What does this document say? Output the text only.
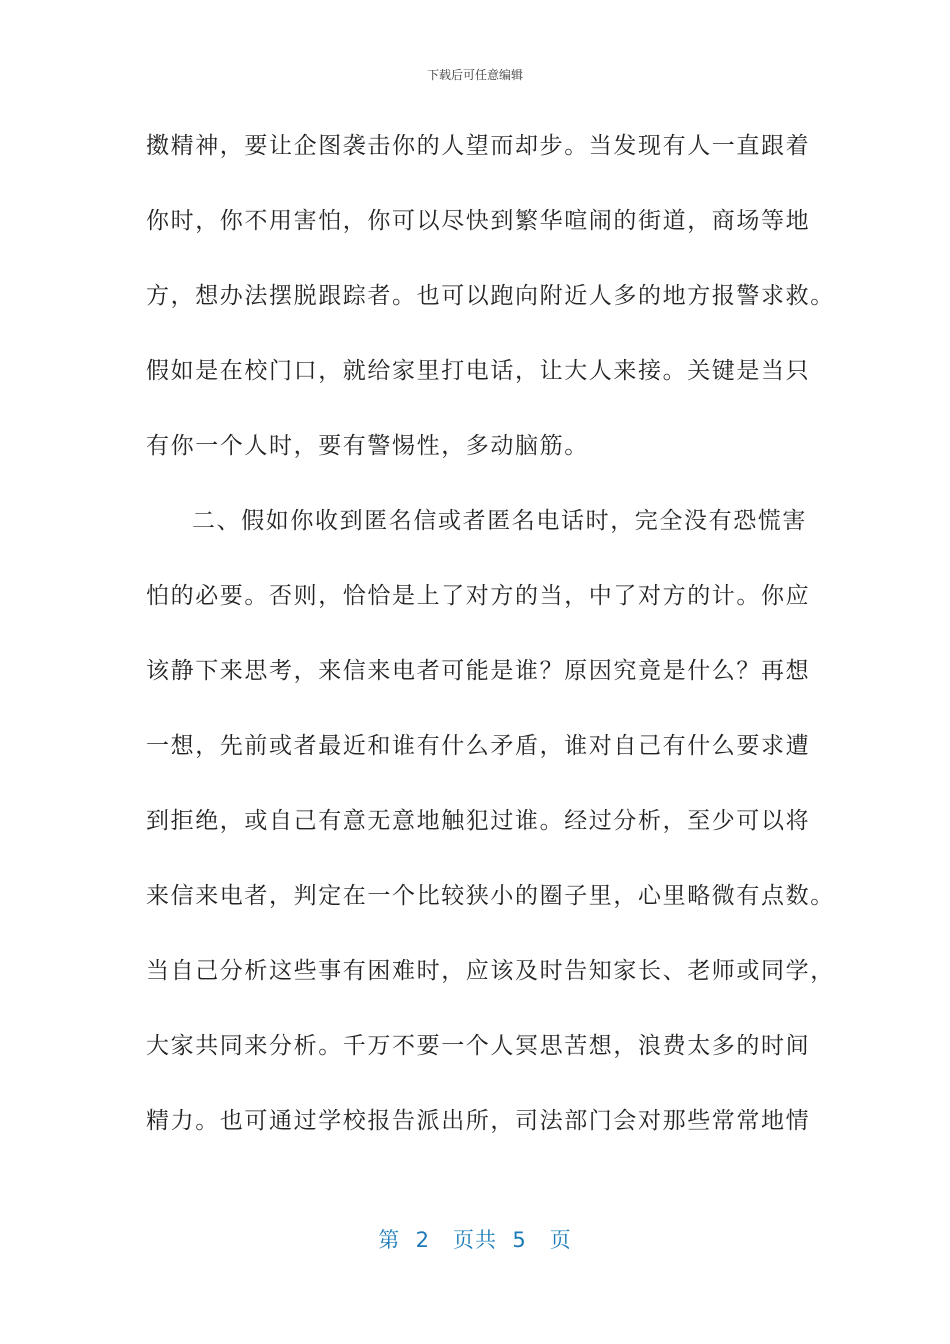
下载后可任意编辑
擞精神，要让企图袭击你的人望而却步。当发现有人一直跟着
你时，你不用害怕，你可以尽快到繁华喧闹的街道，商场等地
方，想办法摆脱跟踪者。也可以跑向附近人多的地方报警求救。
假如是在校门口，就给家里打电话，让大人来接。关键是当只
有你一个人时，要有警惕性，多动脑筋。
二、假如你收到匿名信或者匿名电话时，完全没有恐慌害
怕的必要。否则，恰恰是上了对方的当，中了对方的计。你应
该静下来思考，来信来电者可能是谁？原因究竟是什么？再想
一想，先前或者最近和谁有什么矛盾，谁对自己有什么要求遭
到拒绝，或自己有意无意地触犯过谁。经过分析，至少可以将
来信来电者，判定在一个比较狭小的圈子里，心里略微有点数。
当自己分析这些事有困难时，应该及时告知家长、老师或同学，
大家共同来分析。千万不要一个人冥思苦想，浪费太多的时间
精力。也可通过学校报告派出所，司法部门会对那些常常地情
第  2   页共  5   页
